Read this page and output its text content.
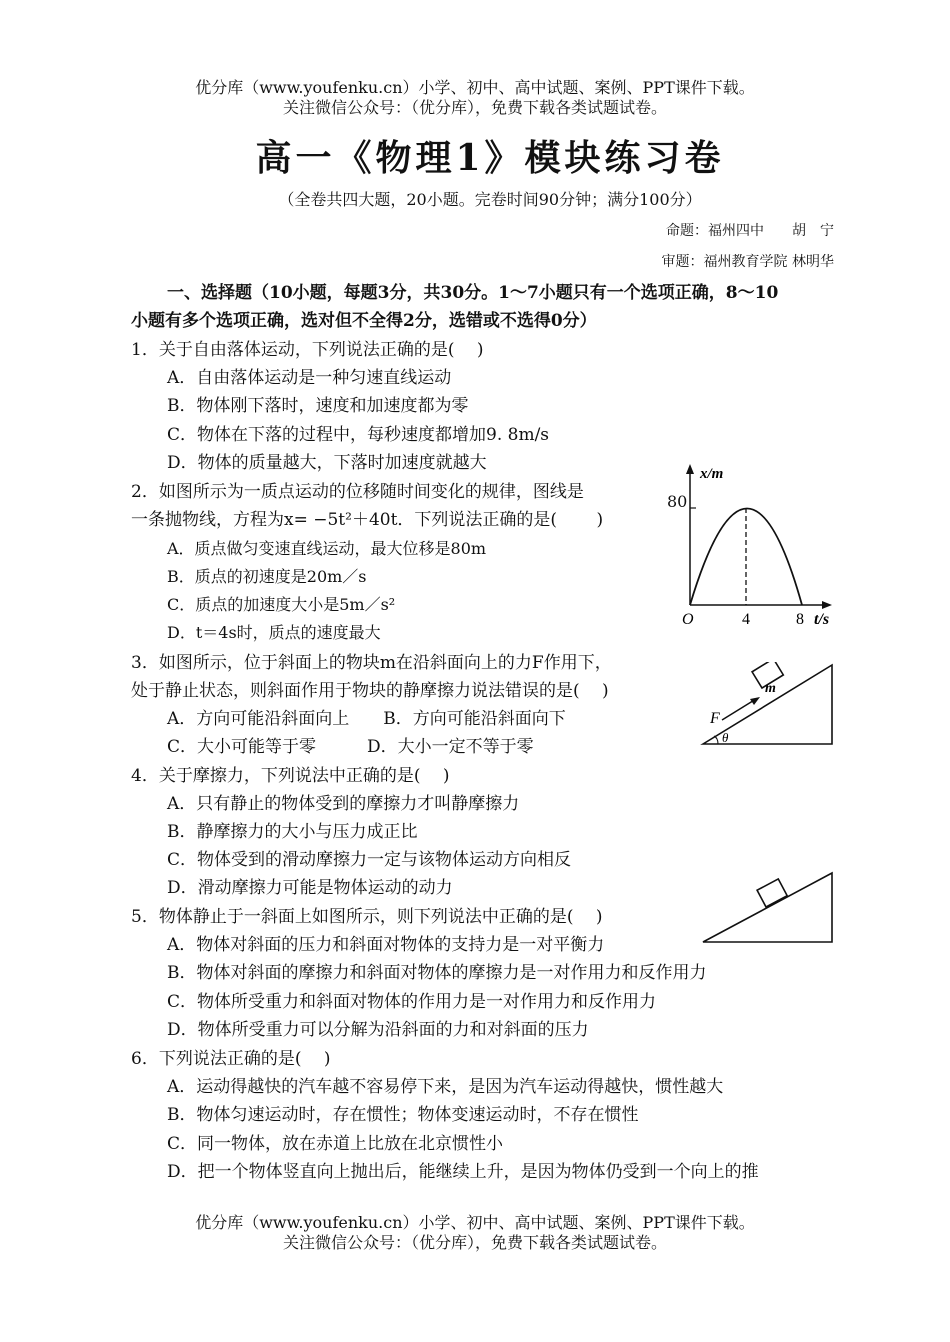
优分库（www.youfenku.cn）小学、初中、高中试题、案例、PPT课件下载。
关注微信公众号：（优分库），免费下载各类试题试卷。
高一《物理1》模块练习卷
（全卷共四大题，20小题。完卷时间90分钟；满分100分）
命题：福州四中　　胡　宁
审题：福州教育学院 林明华
一、选择题（10小题，每题3分，共30分。1～7小题只有一个选项正确，8～10
小题有多个选项正确，选对但不全得2分，选错或不选得0分）
1．关于自由落体运动，下列说法正确的是(　 )
A．自由落体运动是一种匀速直线运动
B．物体刚下落时，速度和加速度都为零
C．物体在下落的过程中，每秒速度都增加9. 8m/s
D．物体的质量越大，下落时加速度就越大
2．如图所示为一质点运动的位移随时间变化的规律，图线是
一条抛物线，方程为x= −5t²＋40t．下列说法正确的是(　　 )
A．质点做匀变速直线运动，最大位移是80m
B．质点的初速度是20m／s
C．质点的加速度大小是5m／s²
D．t＝4s时，质点的速度最大
x/m
4	8
O	t/s
80
3．如图所示，位于斜面上的物块m在沿斜面向上的力F作用下，
处于静止状态，则斜面作用于物块的静摩擦力说法错误的是(　 )
A．方向可能沿斜面向上　　B．方向可能沿斜面向下
C．大小可能等于零　　　D．大小一定不等于零
m
F
θ
4．关于摩擦力，下列说法中正确的是(　 )
A．只有静止的物体受到的摩擦力才叫静摩擦力
B．静摩擦力的大小与压力成正比
C．物体受到的滑动摩擦力一定与该物体运动方向相反
D．滑动摩擦力可能是物体运动的动力
5．物体静止于一斜面上如图所示，则下列说法中正确的是(　 )
A．物体对斜面的压力和斜面对物体的支持力是一对平衡力
B．物体对斜面的摩擦力和斜面对物体的摩擦力是一对作用力和反作用力
C．物体所受重力和斜面对物体的作用力是一对作用力和反作用力
D．物体所受重力可以分解为沿斜面的力和对斜面的压力
6．下列说法正确的是(　 )
A．运动得越快的汽车越不容易停下来，是因为汽车运动得越快，惯性越大
B．物体匀速运动时，存在惯性；物体变速运动时，不存在惯性
C．同一物体，放在赤道上比放在北京惯性小
D．把一个物体竖直向上抛出后，能继续上升，是因为物体仍受到一个向上的推
优分库（www.youfenku.cn）小学、初中、高中试题、案例、PPT课件下载。
关注微信公众号：（优分库），免费下载各类试题试卷。
